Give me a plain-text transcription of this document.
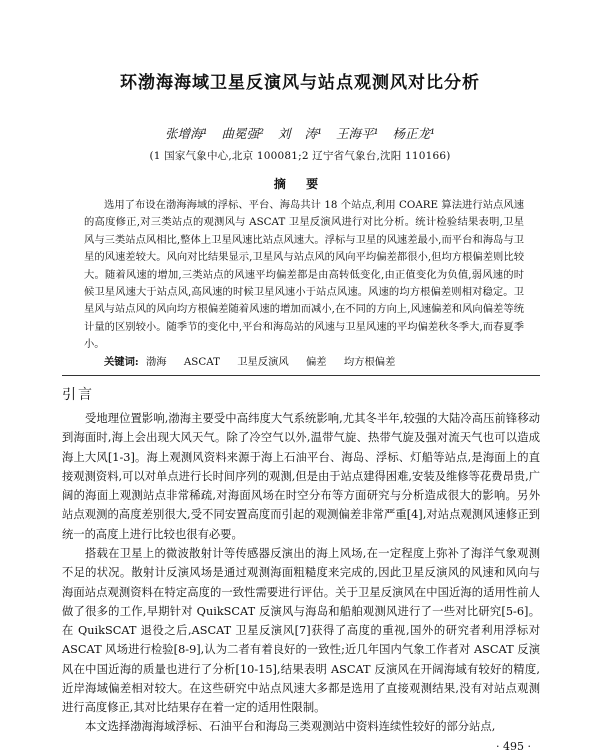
环渤海海域卫星反演风与站点观测风对比分析
张增海¹ 曲冕强² 刘 涛¹ 王海平¹ 杨正龙¹
(1 国家气象中心,北京 100081;2 辽宁省气象台,沈阳 110166)
摘 要

选用了布设在渤海海域的浮标、平台、海岛共计 18 个站点,利用 COARE 算法进行站点风速的高度修正,对三类站点的观测风与 ASCAT 卫星反演风进行对比分析。统计检验结果表明,卫星风与三类站点风相比,整体上卫星风速比站点风速大。浮标与卫星的风速差最小,而平台和海岛与卫星的风速差较大。风向对比结果显示,卫星风与站点风的风向平均偏差都很小,但均方根偏差则比较大。随着风速的增加,三类站点的风速平均偏差都是由高转低变化,由正值变化为负值,弱风速的时候卫星风速大于站点风,高风速的时候卫星风速小于站点风速。风速的均方根偏差则相对稳定。卫星风与站点风的风向均方根偏差随着风速的增加而减小,在不同的方向上,风速偏差和风向偏差等统计量的区别较小。随季节的变化中,平台和海岛站的风速与卫星风速的平均偏差秋冬季大,而春夏季小。

关键词: 渤海 ASCAT 卫星反演风 偏差 均方根偏差

引言

受地理位置影响,渤海主要受中高纬度大气系统影响,尤其冬半年,较强的大陆冷高压前锋移动到海面时,海上会出现大风天气。除了冷空气以外,温带气旋、热带气旋及强对流天气也可以造成海上大风[1-3]。海上观测风资料来源于海上石油平台、海岛、浮标、灯船等站点,是海面上的直接观测资料,可以对单点进行长时间序列的观测,但是由于站点建得困难,安装及维修等花费昂贵,广阔的海面上观测站点非常稀疏,对海面风场在时空分布等方面研究与分析造成很大的影响。另外站点观测的高度差别很大,受不同安置高度而引起的观测偏差非常严重[4],对站点观测风速修正到统一的高度上进行比较也很有必要。

搭载在卫星上的微波散射计等传感器反演出的海上风场,在一定程度上弥补了海洋气象观测不足的状况。散射计反演风场是通过观测海面粗糙度来完成的,因此卫星反演风的风速和风向与海面站点观测资料在特定高度的一致性需要进行评估。关于卫星反演风在中国近海的适用性前人做了很多的工作,早期针对 QuikSCAT 反演风与海岛和船舶观测风进行了一些对比研究[5-6]。在 QuikSCAT 退役之后,ASCAT 卫星反演风[7]获得了高度的重视,国外的研究者利用浮标对 ASCAT 风场进行检验[8-9],认为二者有着良好的一致性;近几年国内气象工作者对 ASCAT 反演风在中国近海的质量也进行了分析[10-15],结果表明 ASCAT 反演风在开阔海域有较好的精度,近岸海域偏差相对较大。在这些研究中站点风速大多都是选用了直接观测结果,没有对站点观测进行高度修正,其对比结果存在着一定的适用性限制。

本文选择渤海海域浮标、石油平台和海岛三类观测站中资料连续性较好的部分站点,

· 495 ·
